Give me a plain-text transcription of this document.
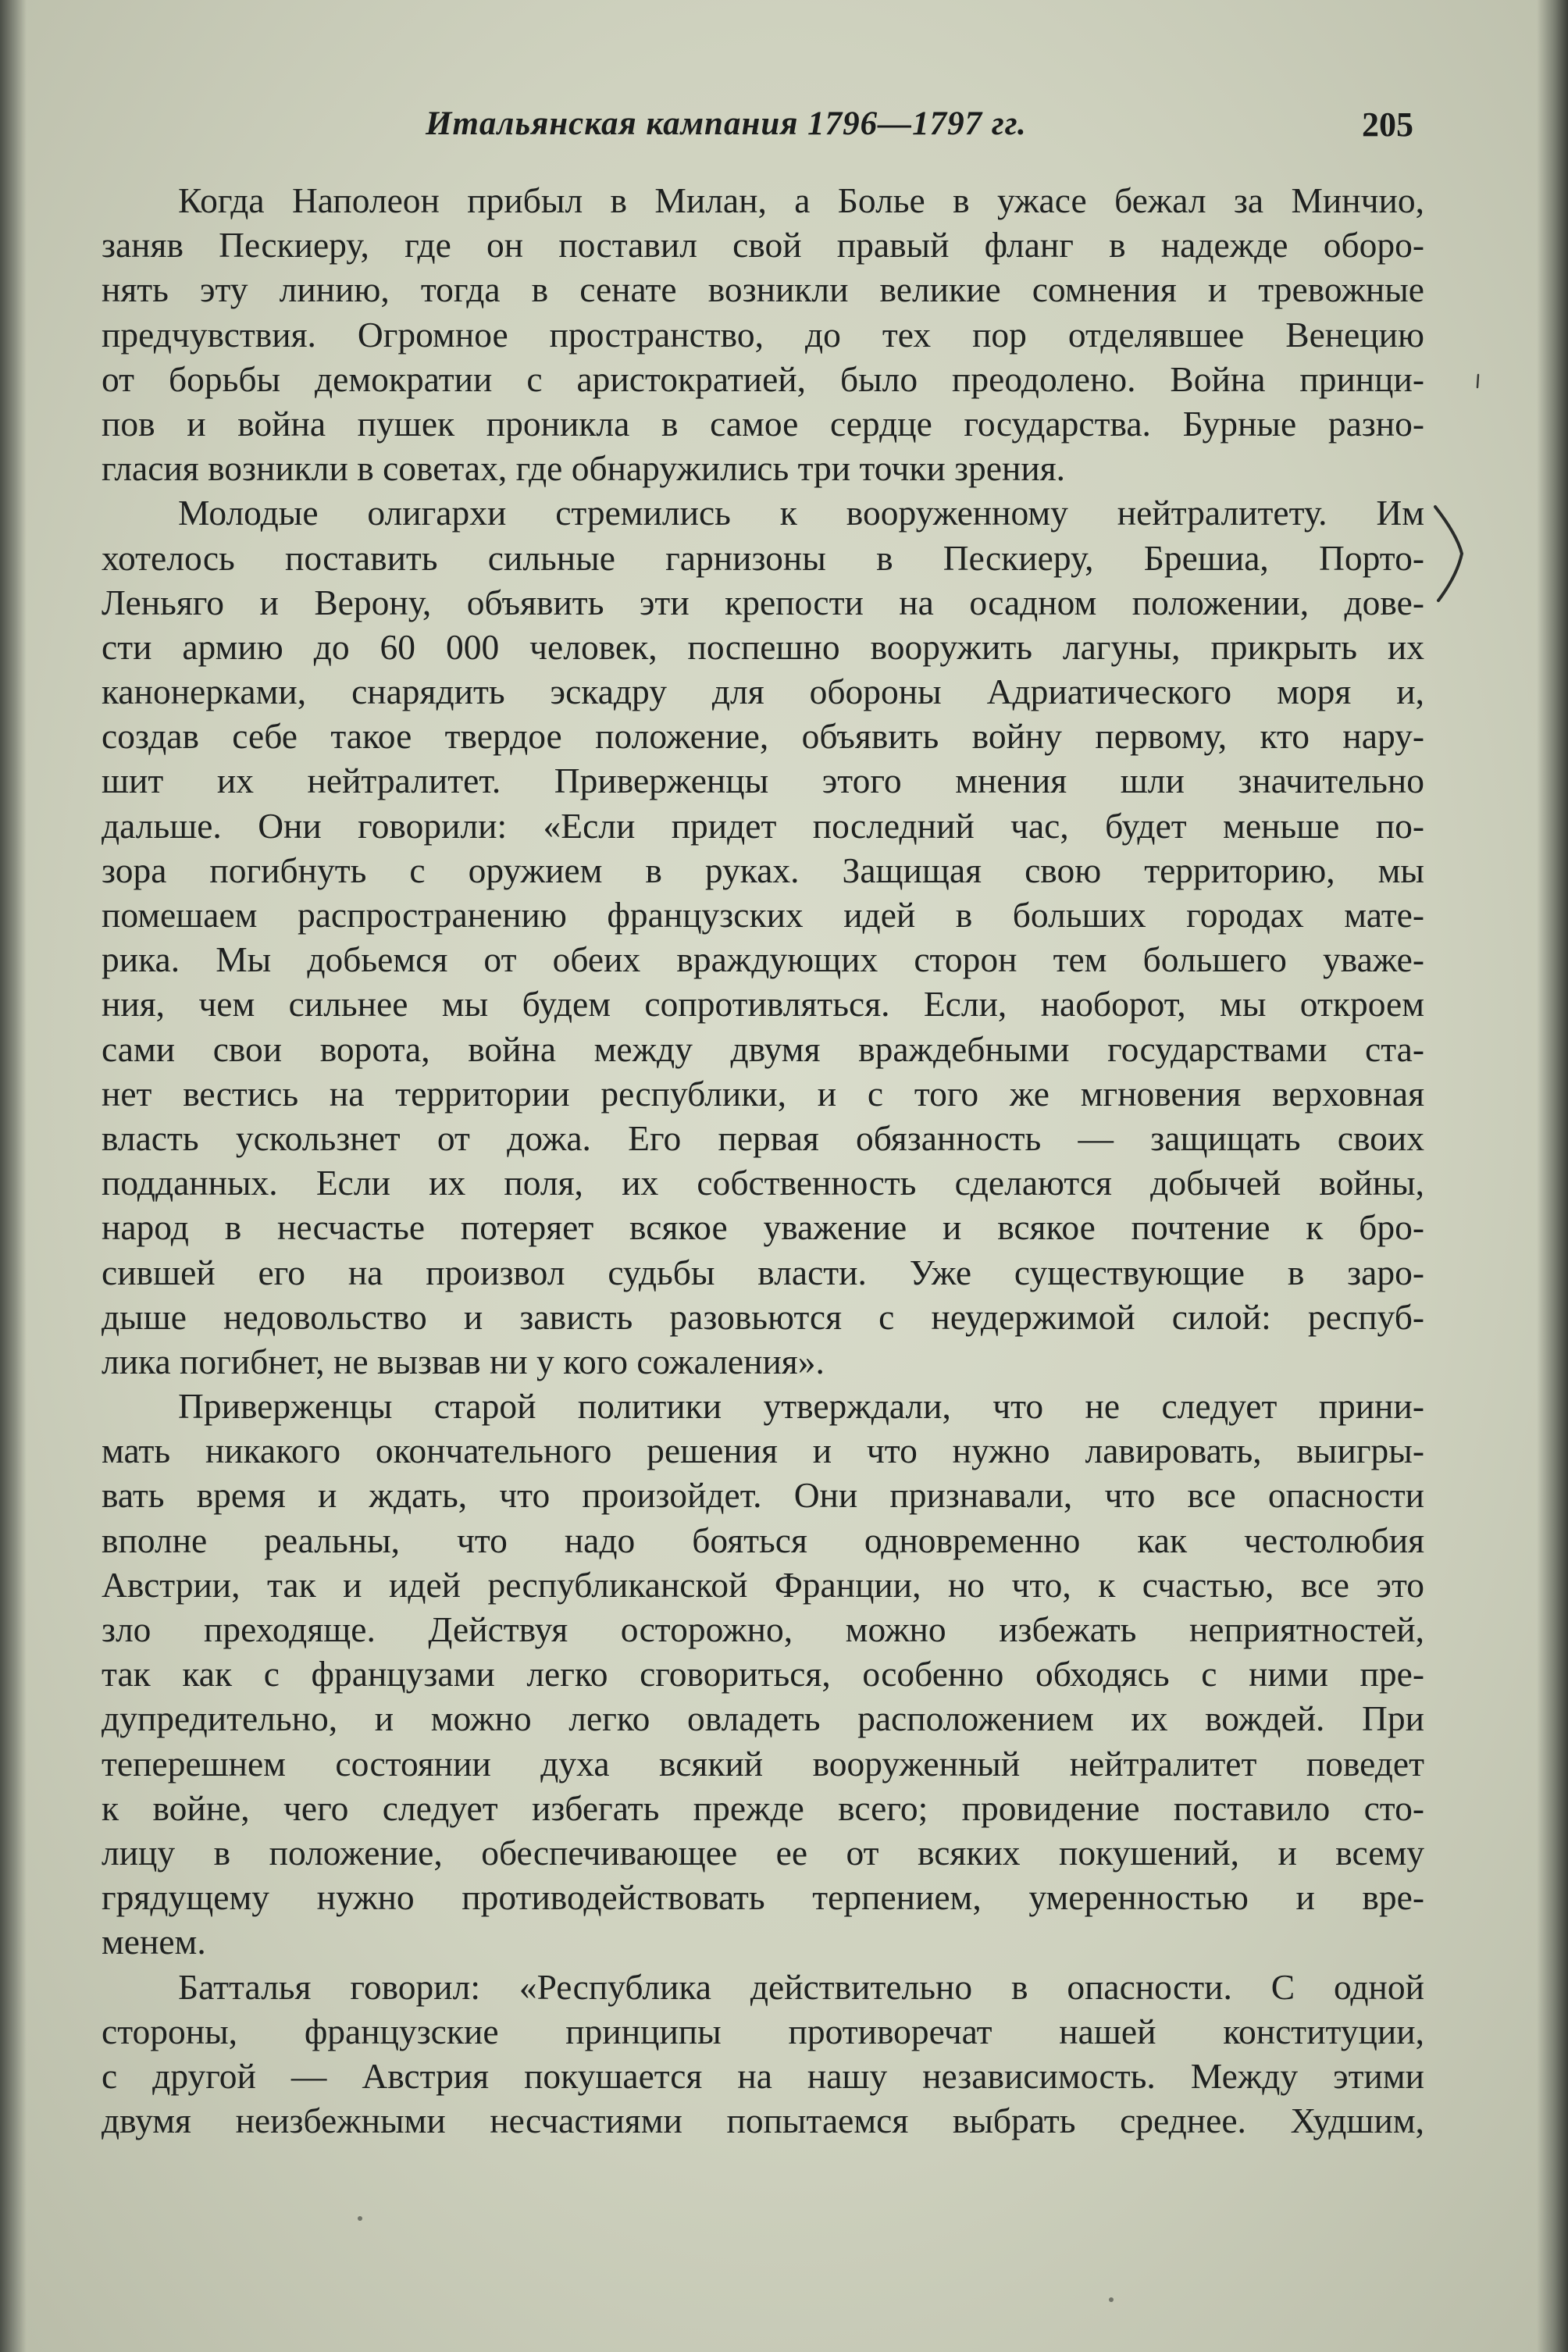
Итальянская кампания 1796—1797 гг.	205
Когда Наполеон прибыл в Милан, а Болье в ужасе бежал за Минчио,
заняв Пескиеру, где он поставил свой правый фланг в надежде оборо-
нять эту линию, тогда в сенате возникли великие сомнения и тревожные
предчувствия. Огромное пространство, до тех пор отделявшее Венецию
от борьбы демократии с аристократией, было преодолено. Война принци-
пов и война пушек проникла в самое сердце государства. Бурные разно-
гласия возникли в советах, где обнаружились три точки зрения.
Молодые олигархи стремились к вооруженному нейтралитету. Им
хотелось поставить сильные гарнизоны в Пескиеру, Брешиа, Порто-
Леньяго и Верону, объявить эти крепости на осадном положении, дове-
сти армию до 60 000 человек, поспешно вооружить лагуны, прикрыть их
канонерками, снарядить эскадру для обороны Адриатического моря и,
создав себе такое твердое положение, объявить войну первому, кто нару-
шит их нейтралитет. Приверженцы этого мнения шли значительно
дальше. Они говорили: «Если придет последний час, будет меньше по-
зора погибнуть с оружием в руках. Защищая свою территорию, мы
помешаем распространению французских идей в больших городах мате-
рика. Мы добьемся от обеих враждующих сторон тем большего уваже-
ния, чем сильнее мы будем сопротивляться. Если, наоборот, мы откроем
сами свои ворота, война между двумя враждебными государствами ста-
нет вестись на территории республики, и с того же мгновения верховная
власть ускользнет от дожа. Его первая обязанность — защищать своих
подданных. Если их поля, их собственность сделаются добычей войны,
народ в несчастье потеряет всякое уважение и всякое почтение к бро-
сившей его на произвол судьбы власти. Уже существующие в заро-
дыше недовольство и зависть разовьются с неудержимой силой: респуб-
лика погибнет, не вызвав ни у кого сожаления».
Приверженцы старой политики утверждали, что не следует прини-
мать никакого окончательного решения и что нужно лавировать, выигры-
вать время и ждать, что произойдет. Они признавали, что все опасности
вполне реальны, что надо бояться одновременно как честолюбия
Австрии, так и идей республиканской Франции, но что, к счастью, все это
зло преходяще. Действуя осторожно, можно избежать неприятностей,
так как с французами легко сговориться, особенно обходясь с ними пре-
дупредительно, и можно легко овладеть расположением их вождей. При
теперешнем состоянии духа всякий вооруженный нейтралитет поведет
к войне, чего следует избегать прежде всего; провидение поставило сто-
лицу в положение, обеспечивающее ее от всяких покушений, и всему
грядущему нужно противодействовать терпением, умеренностью и вре-
менем.
Батталья говорил: «Республика действительно в опасности. С одной
стороны, французские принципы противоречат нашей конституции,
с другой — Австрия покушается на нашу независимость. Между этими
двумя неизбежными несчастиями попытаемся выбрать среднее. Худшим,
